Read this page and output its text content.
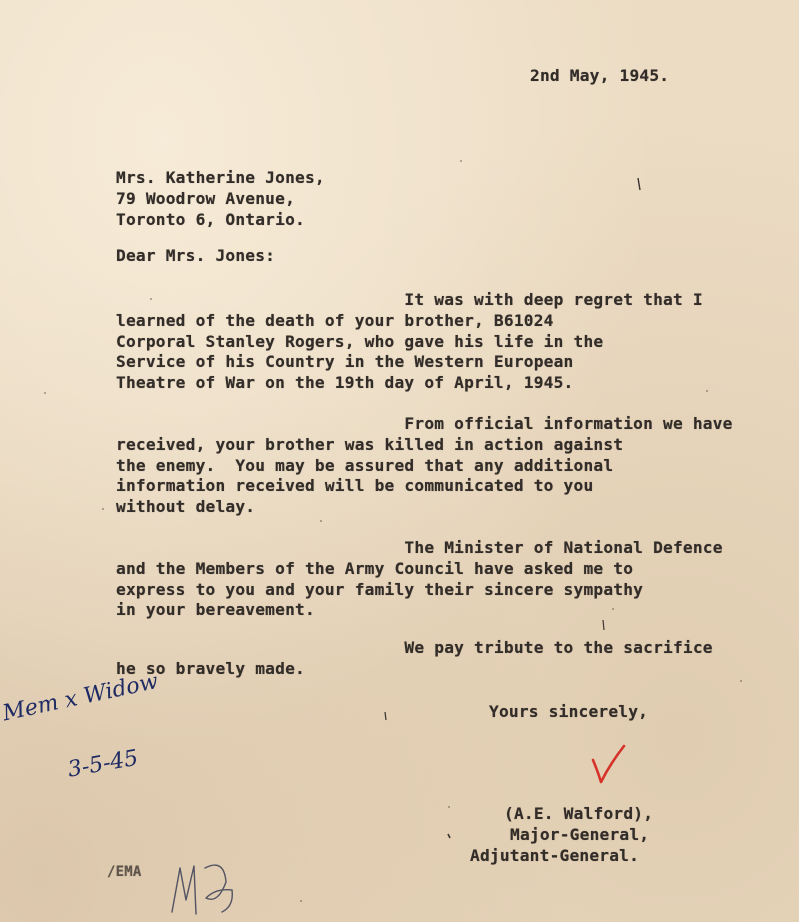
2nd May, 1945.
Mrs. Katherine Jones,
79 Woodrow Avenue,
Toronto 6, Ontario.
Dear Mrs. Jones:
It was with deep regret that I
learned of the death of your brother, B61024
Corporal Stanley Rogers, who gave his life in the
Service of his Country in the Western European
Theatre of War on the 19th day of April, 1945.
From official information we have
received, your brother was killed in action against
the enemy.  You may be assured that any additional
information received will be communicated to you
without delay.
The Minister of National Defence
and the Members of the Army Council have asked me to
express to you and your family their sincere sympathy
in your bereavement.
We pay tribute to the sacrifice
he so bravely made.
Yours sincerely,
(A.E. Walford),
Major-General,
Adjutant-General.
/EMA
Mem x Widow
3-5-45
